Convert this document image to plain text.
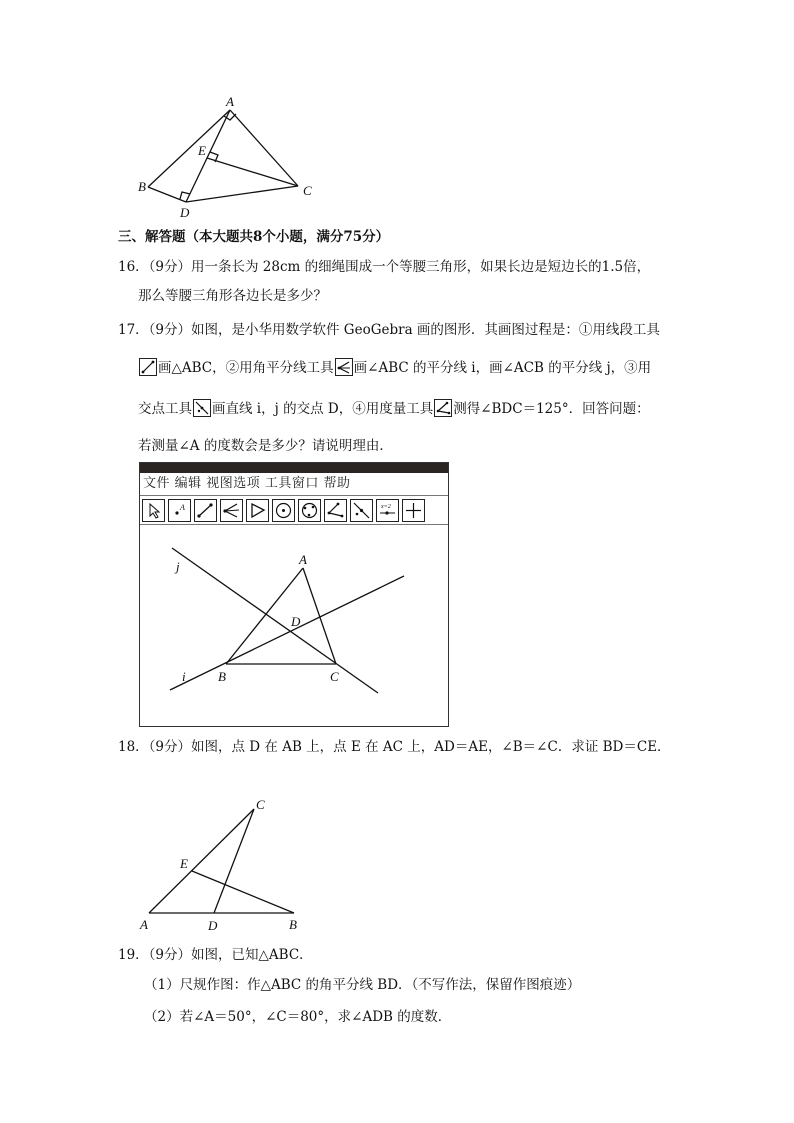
A
E
B	C
D
三、解答题（本大题共8个小题，满分75分）
16．（9分）用一条长为 28cm 的细绳围成一个等腰三角形，如果长边是短边长的1.5倍，
那么等腰三角形各边长是多少？
17．（9分）如图，是小华用数学软件 GeoGebra 画的图形．其画图过程是：①用线段工具
画△ABC，②用角平分线工具 画∠ABC 的平分线 i，画∠ACB 的平分线 j，③用
交点工具 画直线 i，j 的交点 D，④用度量工具 测得∠BDC＝125°．回答问题：
若测量∠A 的度数会是多少？请说明理由．
文件 编辑 视图选项 工具窗口 帮助
A	x=2
j	A
D
i B	C
18．（9分）如图，点 D 在 AB 上，点 E 在 AC 上，AD＝AE，∠B＝∠C．求证 BD＝CE．
C
E
A	D	B
19．（9分）如图，已知△ABC．
（1）尺规作图：作△ABC 的角平分线 BD．（不写作法，保留作图痕迹）
（2）若∠A＝50°，∠C＝80°，求∠ADB 的度数．
